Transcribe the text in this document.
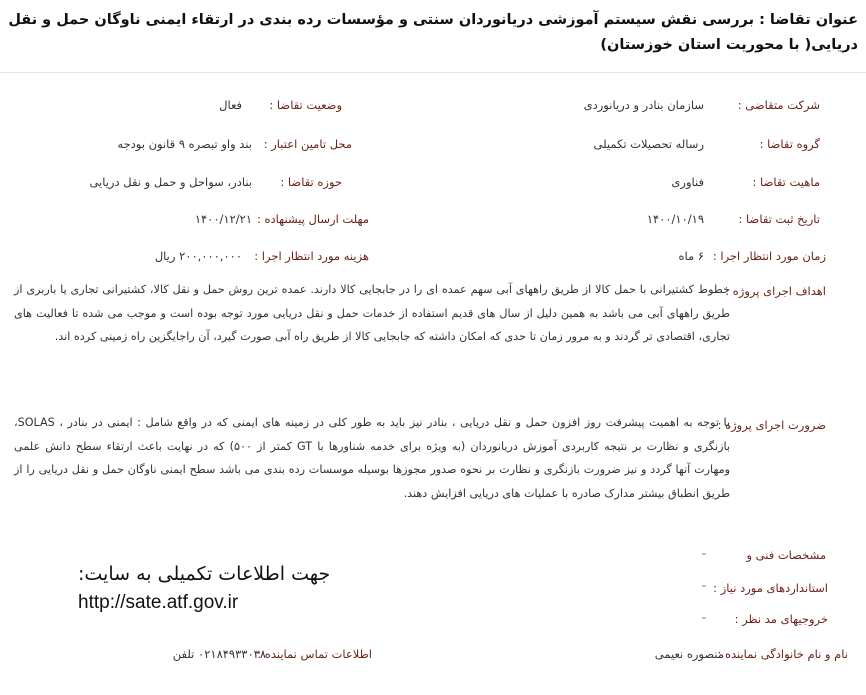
عنوان تقاضا : بررسی نقش سیستم آموزشی دریانوردان سنتی و مؤسسات رده بندی در ارتقاء ایمنی ناوگان حمل و نقل دریایی( با محوریت استان خوزستان)
شرکت متقاضی :
سازمان بنادر و دریانوردی
وضعیت تقاضا :
فعال
گروه تقاضا :
رساله تحصیلات تکمیلی
محل تامین اعتبار :
بند واو تبصره ۹ قانون بودجه
ماهیت تقاضا :
فناوری
حوزه تقاضا :
بنادر، سواحل و حمل و نقل دریایی
تاریخ ثبت تقاضا :
۱۴۰۰/۱۰/۱۹
مهلت ارسال پیشنهاده :
۱۴۰۰/۱۲/۲۱
زمان مورد انتظار اجرا :
۶ ماه
هزینه مورد انتظار اجرا :
۲۰۰,۰۰۰,۰۰۰ ریال
اهداف اجرای پروژه :
خطوط کشتیرانی با حمل کالا از طریق راههای آبی سهم عمده ای را در جابجایی کالا دارند. عمده ترین روش حمل و نقل کالا، کشتیرانی تجاری یا باربری از طریق راههای آبی می باشد به همین دلیل از سال های قدیم استفاده از خدمات حمل و نقل دریایی مورد توجه بوده است و موجب می شده تا فعالیت های تجاری، اقتصادی تر گردند و به مرور زمان تا حدی که امکان داشته که جابجایی کالا از طریق راه آبی صورت گیرد، آن راجایگزین راه زمینی کرده اند.
ضرورت اجرای پروژه :
با توجه به اهمیت پیشرفت روز افزون حمل و نقل دریایی ، بنادر نیز باید به طور کلی در زمینه های ایمنی که در واقع شامل : ایمنی در بنادر ، SOLAS، بازنگری و نظارت بر نتیجه کاربردی آموزش دریانوردان (به ویژه برای خدمه شناورها با GT کمتر از ۵۰۰) که در نهایت باعث ارتقاء سطح دانش علمی ومهارت آنها گردد و نیز ضرورت بازنگری و نظارت بر نحوه صدور مجوزها بوسیله موسسات رده بندی می باشد سطح ایمنی ناوگان حمل و نقل دریایی را از طریق انطباق بیشتر مدارک صادره با عملیات های دریایی افزایش دهند.
مشخصات فنی و
-
استانداردهای مورد نیاز :
-
خروجیهای مد نظر :
-
نام و نام خانوادگی نماینده :
منصوره نعیمی
اطلاعات تماس نماینده :
۰۲۱۸۴۹۳۳۰۳۸ تلفن
جهت اطلاعات تکمیلی به سایت:
http://sate.atf.gov.ir
